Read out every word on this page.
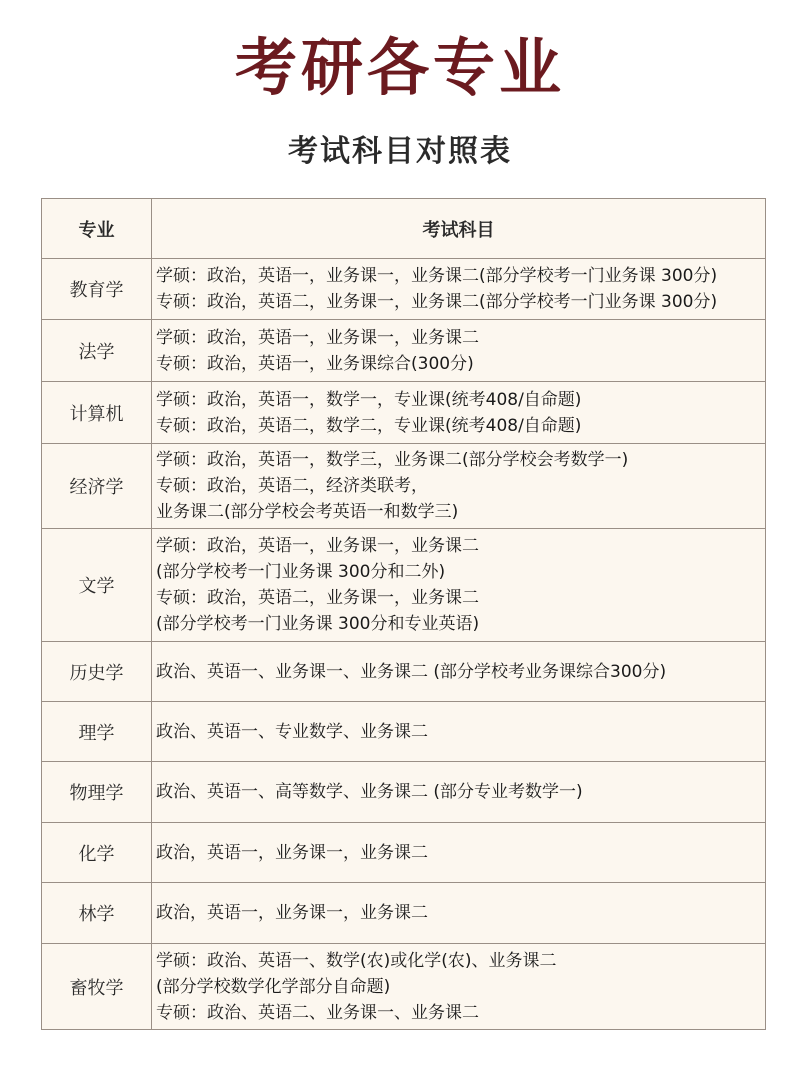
考研各专业
考试科目对照表
专业	考试科目
教育学	学硕：政治，英语一，业务课一，业务课二(部分学校考一门业务课 300分)
专硕：政治，英语二，业务课一，业务课二(部分学校考一门业务课 300分)

法学	学硕：政治，英语一，业务课一，业务课二
专硕：政治，英语一，业务课综合(300分)

计算机	学硕：政治，英语一，数学一，专业课(统考408/自命题)
专硕：政治，英语二，数学二，专业课(统考408/自命题)

经济学	学硕：政治，英语一，数学三，业务课二(部分学校会考数学一)
专硕：政治，英语二，经济类联考，
业务课二(部分学校会考英语一和数学三)

文学	学硕：政治，英语一，业务课一，业务课二
(部分学校考一门业务课 300分和二外)
专硕：政治，英语二，业务课一，业务课二
(部分学校考一门业务课 300分和专业英语)

历史学	政治、英语一、业务课一、业务课二 (部分学校考业务课综合300分)

理学	政治、英语一、专业数学、业务课二

物理学	政治、英语一、高等数学、业务课二 (部分专业考数学一)

化学	政治，英语一，业务课一，业务课二

林学	政治，英语一，业务课一，业务课二

畜牧学	学硕：政治、英语一、数学(农)或化学(农)、业务课二
(部分学校数学化学部分自命题)
专硕：政治、英语二、业务课一、业务课二
